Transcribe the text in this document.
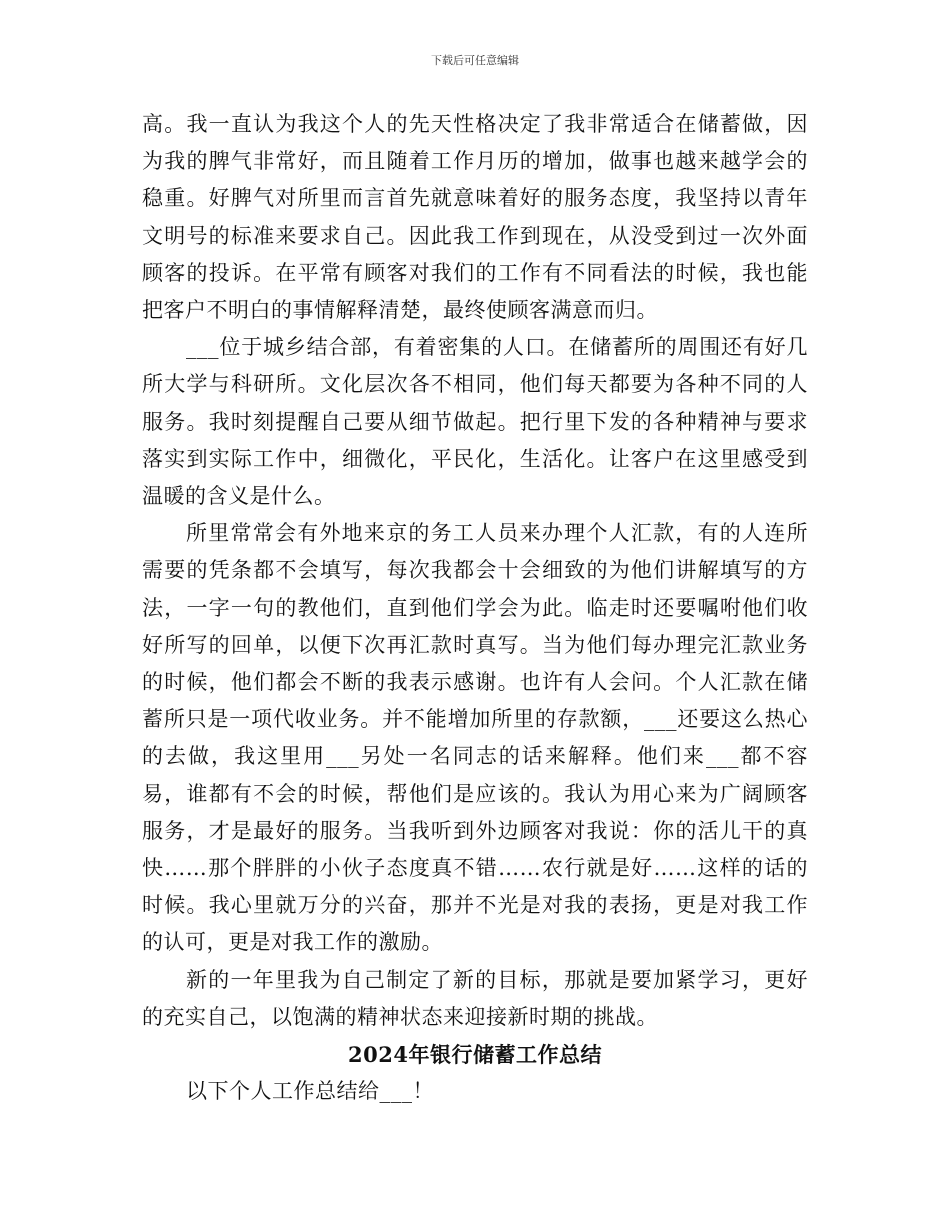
下载后可任意编辑

高。我一直认为我这个人的先天性格决定了我非常适合在储蓄做，因为我的脾气非常好，而且随着工作月历的增加，做事也越来越学会的稳重。好脾气对所里而言首先就意味着好的服务态度，我坚持以青年文明号的标准来要求自己。因此我工作到现在，从没受到过一次外面顾客的投诉。在平常有顾客对我们的工作有不同看法的时候，我也能把客户不明白的事情解释清楚，最终使顾客满意而归。

___位于城乡结合部，有着密集的人口。在储蓄所的周围还有好几所大学与科研所。文化层次各不相同，他们每天都要为各种不同的人服务。我时刻提醒自己要从细节做起。把行里下发的各种精神与要求落实到实际工作中，细微化，平民化，生活化。让客户在这里感受到温暖的含义是什么。

所里常常会有外地来京的务工人员来办理个人汇款，有的人连所需要的凭条都不会填写，每次我都会十会细致的为他们讲解填写的方法，一字一句的教他们，直到他们学会为此。临走时还要嘱咐他们收好所写的回单，以便下次再汇款时真写。当为他们每办理完汇款业务的时候，他们都会不断的我表示感谢。也许有人会问。个人汇款在储蓄所只是一项代收业务。并不能增加所里的存款额，___还要这么热心的去做，我这里用___另处一名同志的话来解释。他们来___都不容易，谁都有不会的时候，帮他们是应该的。我认为用心来为广阔顾客服务，才是最好的服务。当我听到外边顾客对我说：你的活儿干的真快……那个胖胖的小伙子态度真不错……农行就是好……这样的话的时候。我心里就万分的兴奋，那并不光是对我的表扬，更是对我工作的认可，更是对我工作的激励。

新的一年里我为自己制定了新的目标，那就是要加紧学习，更好的充实自己，以饱满的精神状态来迎接新时期的挑战。

2024年银行储蓄工作总结

以下个人工作总结给___！
